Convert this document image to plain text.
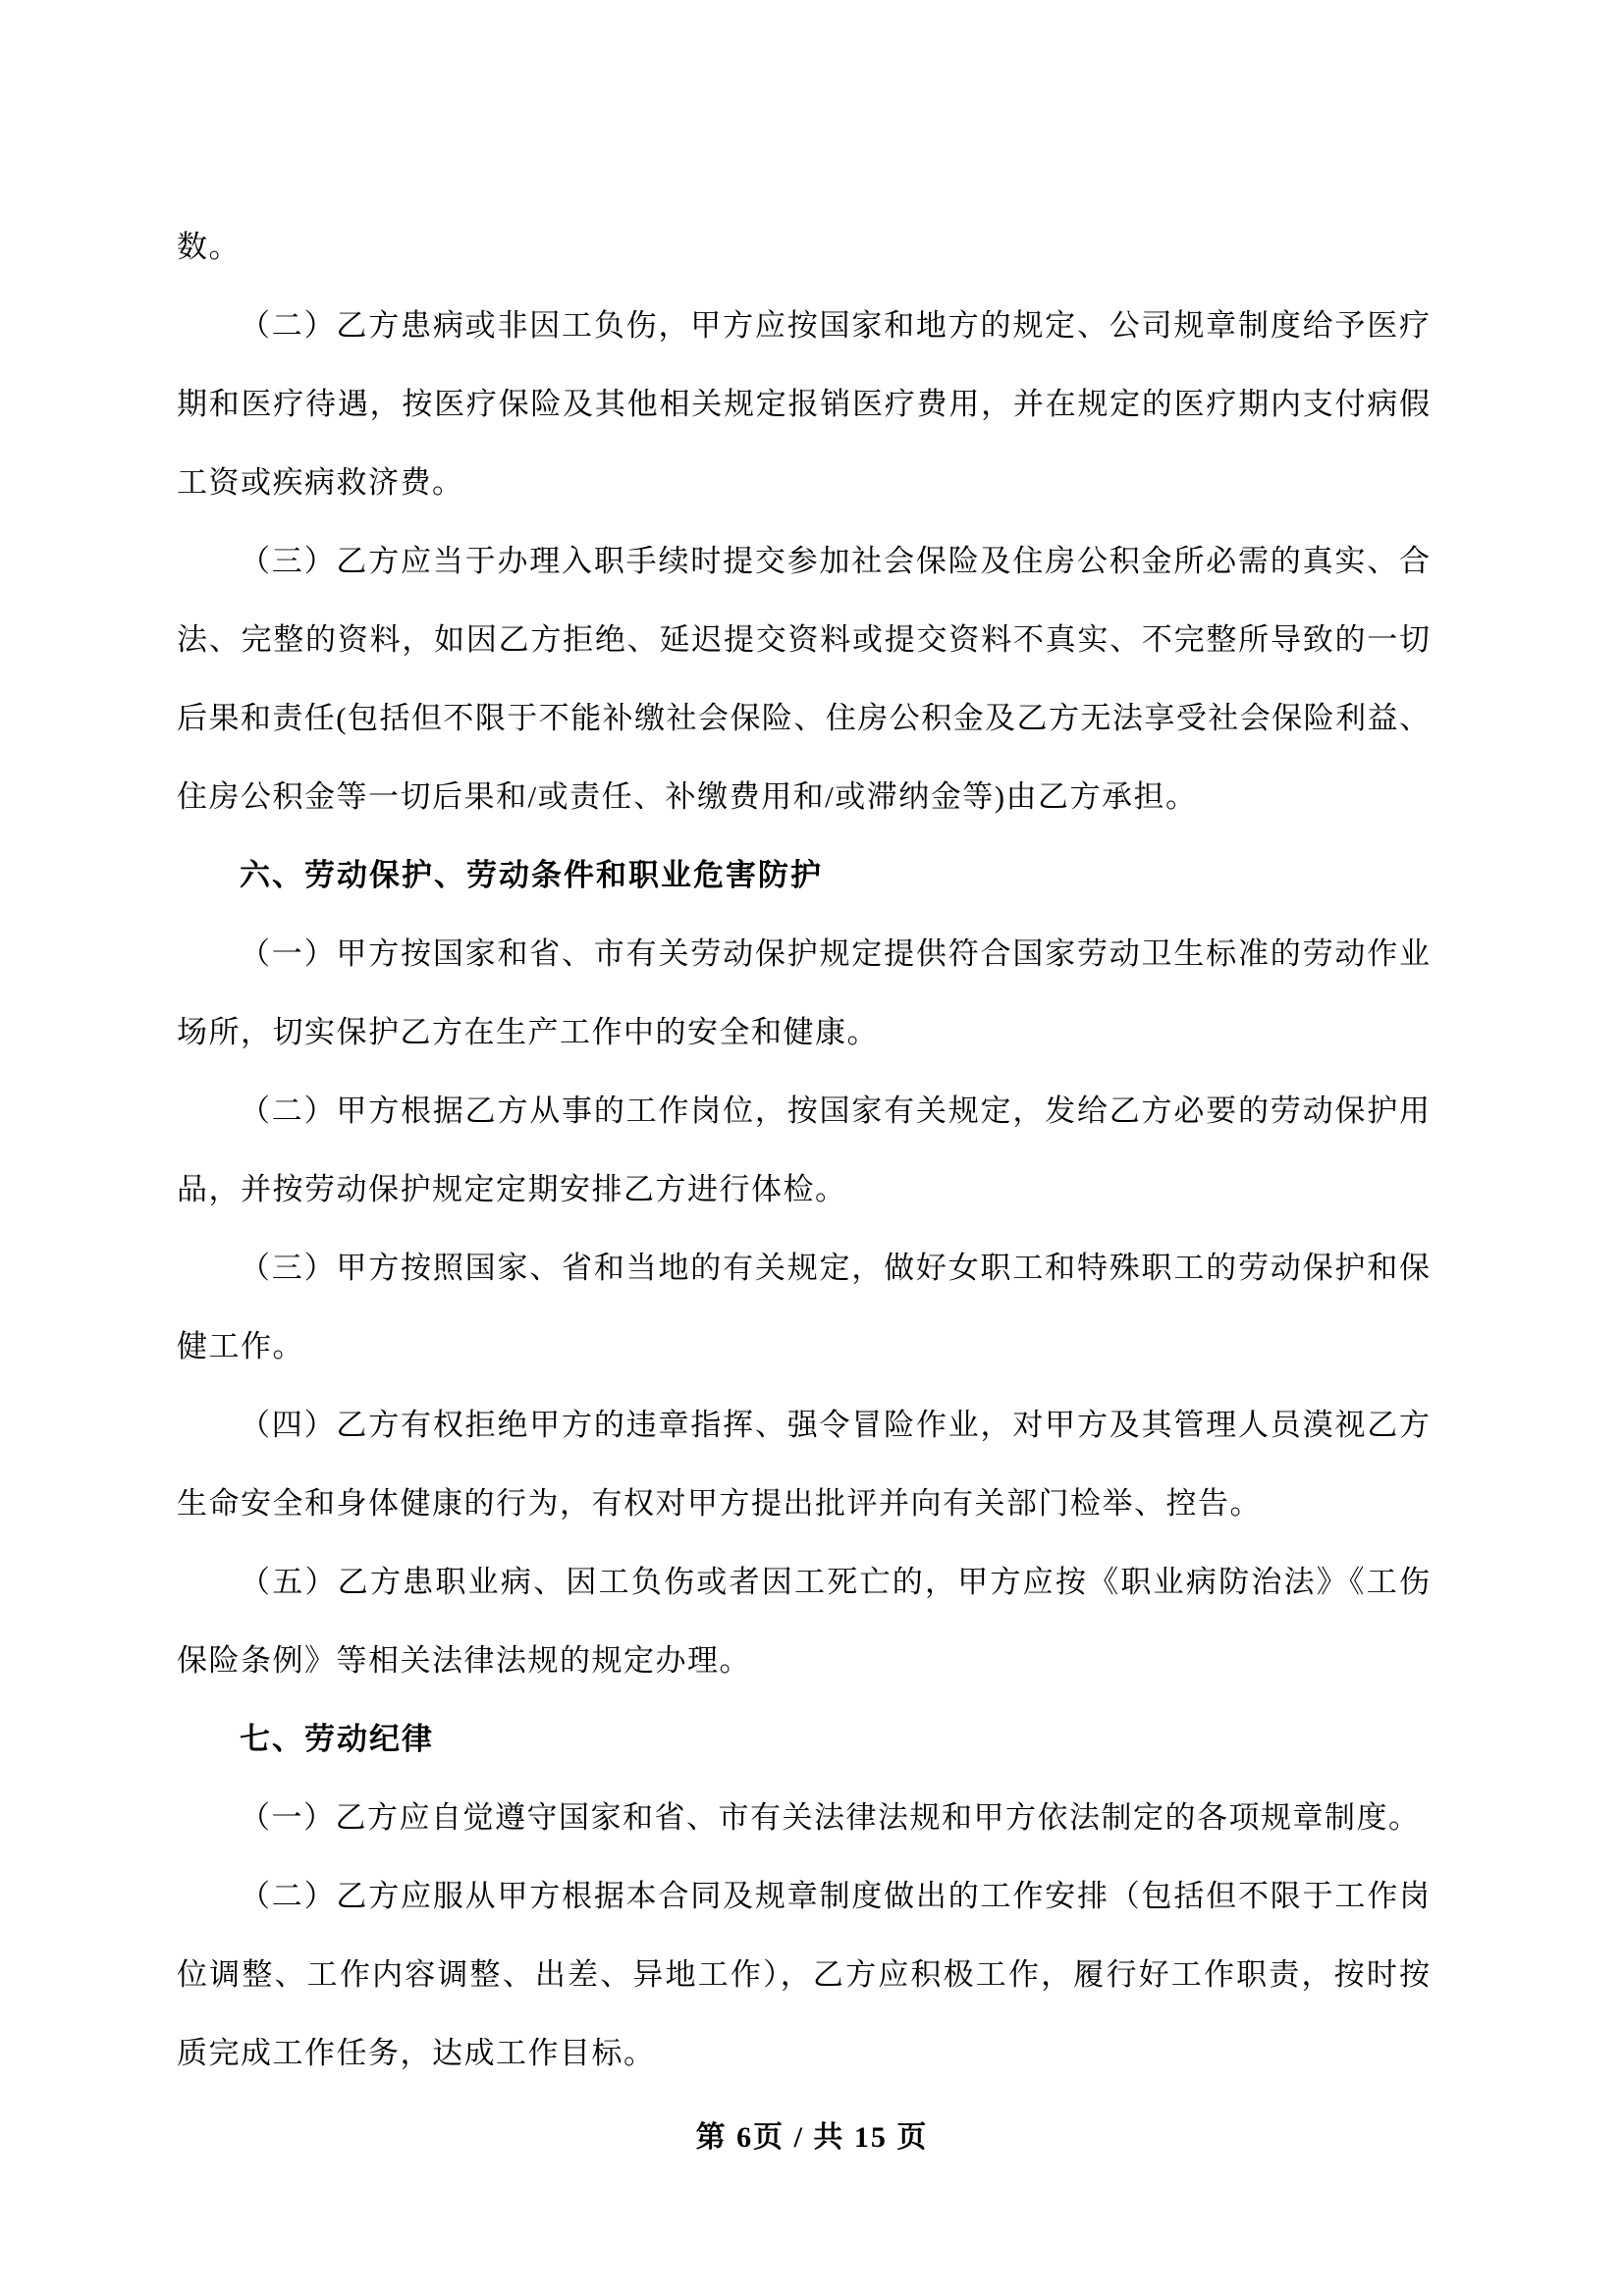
数。
（二）乙方患病或非因工负伤，甲方应按国家和地方的规定、公司规章制度给予医疗
期和医疗待遇，按医疗保险及其他相关规定报销医疗费用，并在规定的医疗期内支付病假
工资或疾病救济费。
（三）乙方应当于办理入职手续时提交参加社会保险及住房公积金所必需的真实、合
法、完整的资料，如因乙方拒绝、延迟提交资料或提交资料不真实、不完整所导致的一切
后果和责任(包括但不限于不能补缴社会保险、住房公积金及乙方无法享受社会保险利益、
住房公积金等一切后果和/或责任、补缴费用和/或滞纳金等)由乙方承担。
六、劳动保护、劳动条件和职业危害防护
（一）甲方按国家和省、市有关劳动保护规定提供符合国家劳动卫生标准的劳动作业
场所，切实保护乙方在生产工作中的安全和健康。
（二）甲方根据乙方从事的工作岗位，按国家有关规定，发给乙方必要的劳动保护用
品，并按劳动保护规定定期安排乙方进行体检。
（三）甲方按照国家、省和当地的有关规定，做好女职工和特殊职工的劳动保护和保
健工作。
（四）乙方有权拒绝甲方的违章指挥、强令冒险作业，对甲方及其管理人员漠视乙方
生命安全和身体健康的行为，有权对甲方提出批评并向有关部门检举、控告。
（五）乙方患职业病、因工负伤或者因工死亡的，甲方应按《职业病防治法》《工伤
保险条例》等相关法律法规的规定办理。
七、劳动纪律
（一）乙方应自觉遵守国家和省、市有关法律法规和甲方依法制定的各项规章制度。
（二）乙方应服从甲方根据本合同及规章制度做出的工作安排（包括但不限于工作岗
位调整、工作内容调整、出差、异地工作），乙方应积极工作，履行好工作职责，按时按
质完成工作任务，达成工作目标。
第 6页 / 共 15 页
